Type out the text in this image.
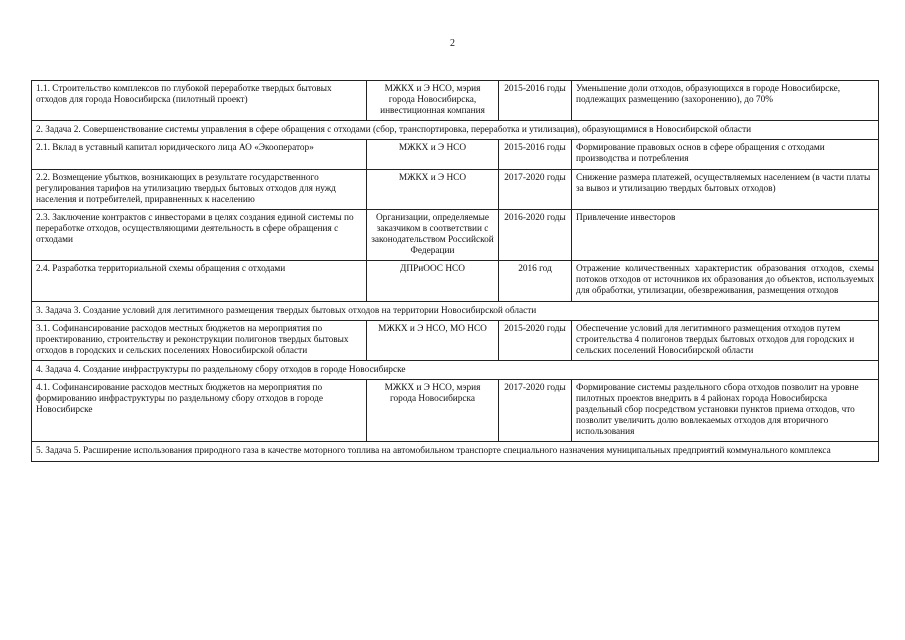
2
1.1. Строительство комплексов по глубокой переработке твердых бытовых отходов для города Новосибирска (пилотный проект)	МЖКХ и Э НСО, мэрия города Новосибирска, инвестиционная компания	2015-2016 годы	Уменьшение доли отходов, образующихся в городе Новосибирске, подлежащих размещению (захоронению), до 70%
2. Задача 2. Совершенствование системы управления в сфере обращения с отходами (сбор, транспортировка, переработка и утилизация), образующимися в Новосибирской области			
2.1. Вклад в уставный капитал юридического лица АО «Экооператор»	МЖКХ и Э НСО	2015-2016 годы	Формирование правовых основ в сфере обращения с отходами производства и потребления
2.2. Возмещение убытков, возникающих в результате государственного регулирования тарифов на утилизацию твердых бытовых отходов для нужд населения и потребителей, приравненных к населению	МЖКХ и Э НСО	2017-2020 годы	Снижение размера платежей, осуществляемых населением (в части платы за вывоз и утилизацию твердых бытовых отходов)
2.3. Заключение контрактов с инвесторами в целях создания единой системы по переработке отходов, осуществляющими деятельность в сфере обращения с отходами	Организации, определяемые заказчиком в соответствии с законодательством Российской Федерации	2016-2020 годы	Привлечение инвесторов
2.4. Разработка территориальной схемы обращения с отходами	ДПРиООС НСО	2016 год	Отражение количественных характеристик образования отходов, схемы потоков отходов от источников их образования до объектов, используемых для обработки, утилизации, обезвреживания, размещения отходов
3. Задача 3. Создание условий для легитимного размещения твердых бытовых отходов на территории Новосибирской области			
3.1. Софинансирование расходов местных бюджетов на мероприятия по проектированию, строительству и реконструкции полигонов твердых бытовых отходов в городских и сельских поселениях Новосибирской области	МЖКХ и Э НСО, МО НСО	2015-2020 годы	Обеспечение условий для легитимного размещения отходов путем строительства 4 полигонов твердых бытовых отходов для городских и сельских поселений Новосибирской области
4. Задача 4. Создание инфраструктуры по раздельному сбору отходов в городе Новосибирске			
4.1. Софинансирование расходов местных бюджетов на мероприятия по формированию инфраструктуры по раздельному сбору отходов в городе Новосибирске	МЖКХ и Э НСО, мэрия города Новосибирска	2017-2020 годы	Формирование системы раздельного сбора отходов позволит на уровне пилотных проектов внедрить в 4 районах города Новосибирска раздельный сбор посредством установки пунктов приема отходов, что позволит увеличить долю вовлекаемых отходов для вторичного использования
5. Задача 5. Расширение использования природного газа в качестве моторного топлива на автомобильном транспорте специального назначения муниципальных предприятий коммунального комплекса			
